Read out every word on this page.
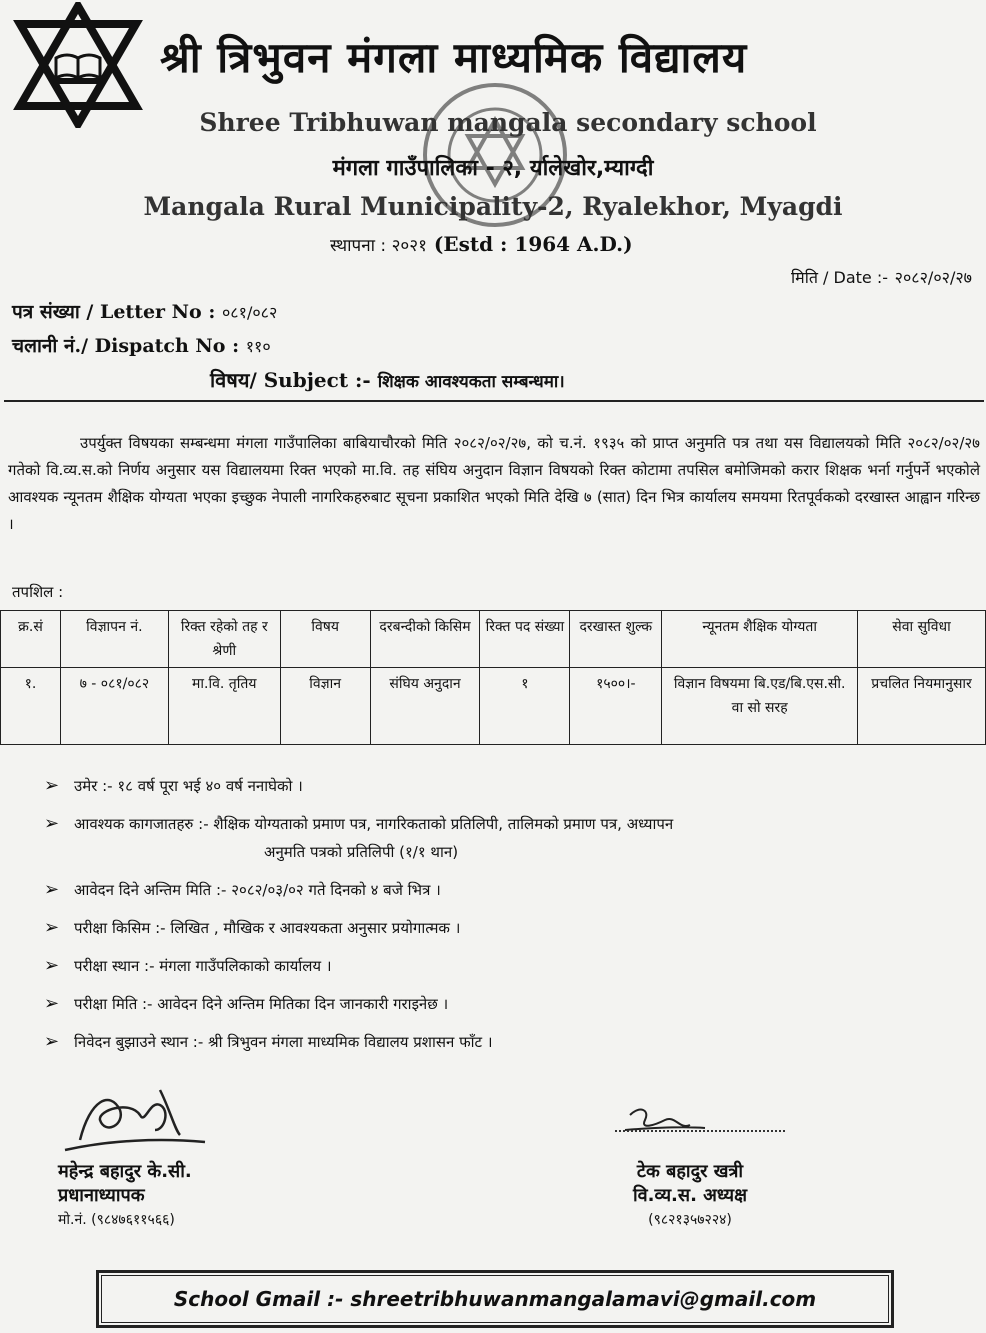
श्री त्रिभुवन मंगला माध्यमिक विद्यालय
Shree Tribhuwan mangala secondary school
मंगला गाउँपालिका - २, र्यालेखोर,म्याग्दी
Mangala Rural Municipality-2, Ryalekhor, Myagdi
स्थापना : २०२१ (Estd : 1964 A.D.)
मिति / Date :- २०८२/०२/२७
पत्र संख्या / Letter No : ०८१/०८२
चलानी नं./ Dispatch No : ११०
विषय/ Subject :- शिक्षक आवश्यकता सम्बन्धमा।
उपर्युक्त विषयका सम्बन्धमा मंगला गाउँपालिका बाबियाचौरको मिति २०८२/०२/२७, को च.नं. १९३५ को प्राप्त अनुमति पत्र तथा यस विद्यालयको मिति २०८२/०२/२७ गतेको वि.व्य.स.को निर्णय अनुसार यस विद्यालयमा रिक्त भएको मा.वि. तह संघिय अनुदान विज्ञान विषयको रिक्त कोटामा तपसिल बमोजिमको करार शिक्षक भर्ना गर्नुपर्ने भएकोले आवश्यक न्यूनतम शैक्षिक योग्यता भएका इच्छुक नेपाली नागरिकहरुबाट सूचना प्रकाशित भएको मिति देखि ७ (सात) दिन भित्र कार्यालय समयमा रितपूर्वकको दरखास्त आह्वान गरिन्छ ।
तपशिल :
क्र.सं	विज्ञापन नं.	रिक्त रहेको तह र श्रेणी	विषय	दरबन्दीको किसिम	रिक्त पद संख्या	दरखास्त शुल्क	न्यूनतम शैक्षिक योग्यता	सेवा सुविधा
१.	७ - ०८१/०८२	मा.वि. तृतिय	विज्ञान	संघिय अनुदान	१	१५००।-	विज्ञान विषयमा बि.एड/बि.एस.सी. वा सो सरह	प्रचलित नियमानुसार
➢ उमेर :- १८ वर्ष पूरा भई ४० वर्ष ननाघेको ।
➢ आवश्यक कागजातहरु :- शैक्षिक योग्यताको प्रमाण पत्र, नागरिकताको प्रतिलिपी, तालिमको प्रमाण पत्र, अध्यापन
अनुमति पत्रको प्रतिलिपी (१/१ थान)
➢ आवेदन दिने अन्तिम मिति :- २०८२/०३/०२ गते दिनको ४ बजे भित्र ।
➢ परीक्षा किसिम :- लिखित , मौखिक र आवश्यकता अनुसार प्रयोगात्मक ।
➢ परीक्षा स्थान :- मंगला गाउँपलिकाको कार्यालय ।
➢ परीक्षा मिति :- आवेदन दिने अन्तिम मितिका दिन जानकारी गराइनेछ ।
➢ निवेदन बुझाउने स्थान :- श्री त्रिभुवन मंगला माध्यमिक विद्यालय प्रशासन फाँट ।
महेन्द्र बहादुर के.सी.
प्रधानाध्यापक
मो.नं. (९८४७६११५६६)
टेक बहादुर खत्री
वि.व्य.स. अध्यक्ष
(९८२१३५७२२४)
School Gmail :- shreetribhuwanmangalamavi@gmail.com
